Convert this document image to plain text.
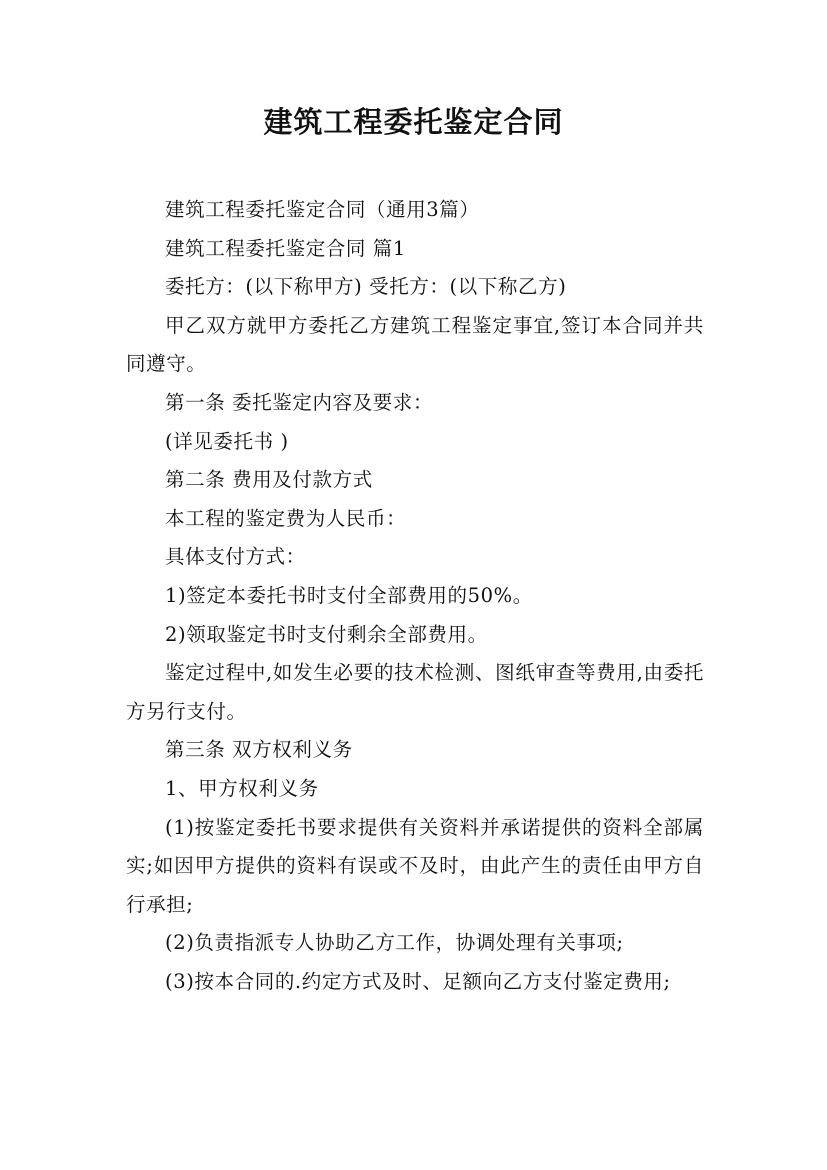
建筑工程委托鉴定合同

建筑工程委托鉴定合同（通用3篇）

建筑工程委托鉴定合同 篇1

委托方：(以下称甲方) 受托方：(以下称乙方)

甲乙双方就甲方委托乙方建筑工程鉴定事宜,签订本合同并共同遵守。

第一条 委托鉴定内容及要求：

(详见委托书 )

第二条 费用及付款方式

本工程的鉴定费为人民币：

具体支付方式：

1)签定本委托书时支付全部费用的50%。

2)领取鉴定书时支付剩余全部费用。

鉴定过程中,如发生必要的技术检测、图纸审查等费用,由委托方另行支付。

第三条 双方权利义务

1、甲方权利义务

(1)按鉴定委托书要求提供有关资料并承诺提供的资料全部属实;如因甲方提供的资料有误或不及时，由此产生的责任由甲方自行承担;

(2)负责指派专人协助乙方工作，协调处理有关事项;

(3)按本合同的.约定方式及时、足额向乙方支付鉴定费用;
